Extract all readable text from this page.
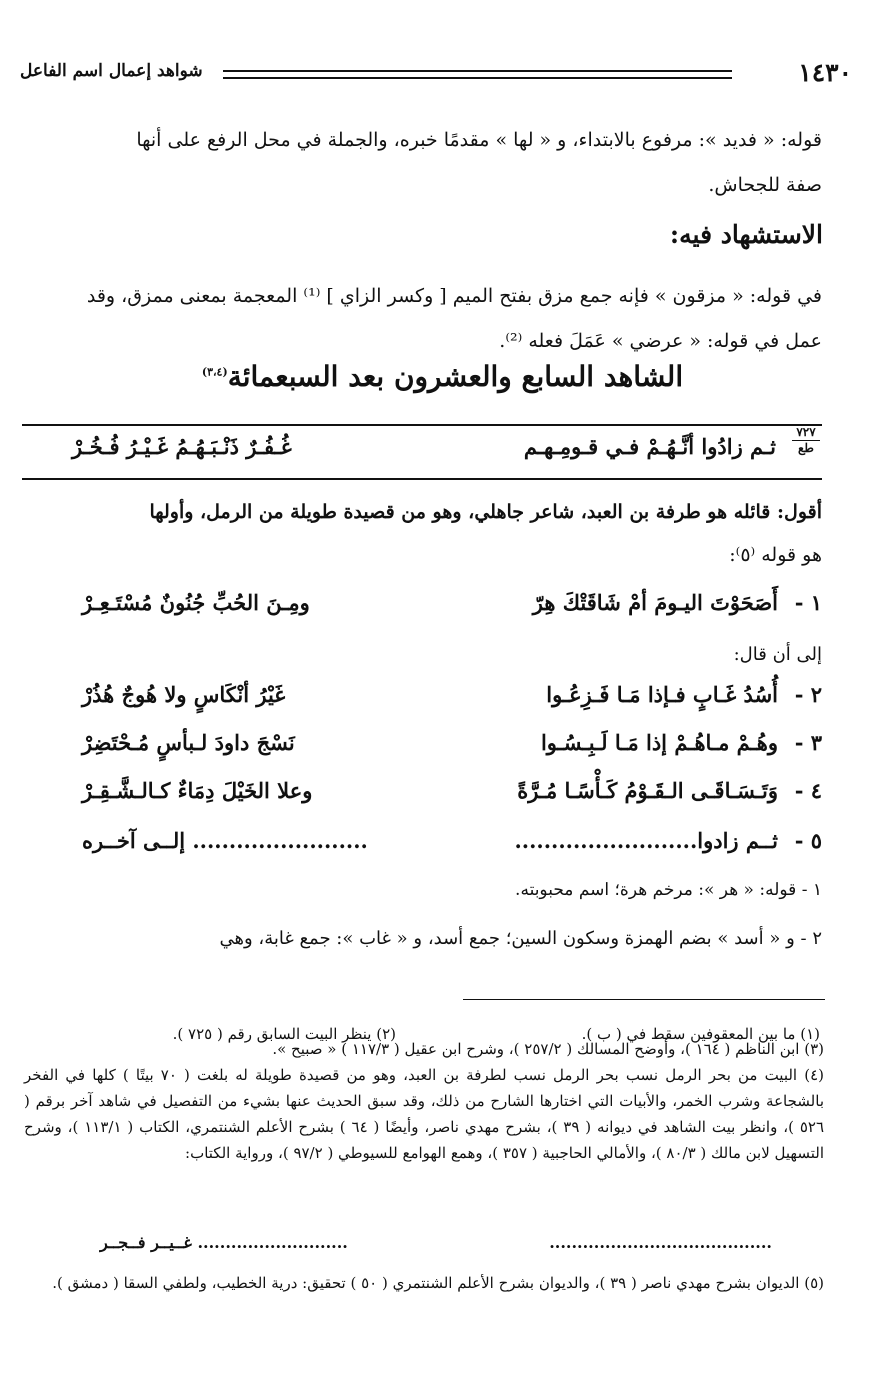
١٤٣٠
شواهد إعمال اسم الفاعل

قوله: « فديد »: مرفوع بالابتداء، و « لها » مقدمًا خبره، والجملة في محل الرفع على أنها

صفة للجحاش.

الاستشهاد فيه:

في قوله: « مزقون » فإنه جمع مزق بفتح الميم [ وكسر الزاي ] ⁽¹⁾ المعجمة بمعنى ممزق، وقد

عمل في قوله: « عرضي » عَمَلَ فعله ⁽²⁾.

الشاهد السابع والعشرون بعد السبعمائة$^{(٣،٤)}$
٧٢٧
ط‍ع
ثـم زادُوا أنَّـهُـمْ فـي قـومِـهـم
غُـفُـرٌ ذَنْـبَـهُـمُ غَـيْـرُ فُـخُـرْ

أقول: قائله هو طرفة بن العبد، شاعر جاهلي، وهو من قصيدة طويلة من الرمل، وأولها

هو قوله ⁽٥⁾:

١ -
أَصَحَوْتَ اليـومَ أمْ شَاقَتْكَ هِرّ
ومِـنَ الحُبِّ جُنُونٌ مُسْتَـعِـرْ

إلى أن قال:

٢ -
أُسُدُ غَـابٍ فـإذا مَـا فَـزِعُـوا
غَيْرُ أنْكَاسٍ ولا هُوجٌ هُذُرْ
٣ -
وهُـمْ مـاهُـمْ إذا مَـا لَـبِـسُـوا
نَسْجَ داودَ لـبأسٍ مُـحْتَضِرْ
٤ -
وَتَـسَـاقَـى الـقَـوْمُ كَـأْسًـا مُـرَّةً
وعلا الخَيْلَ دِمَاءٌ كـالـشَّـقِـرْ
٥ -
ثــم زادوا.........................
........................ إلــى آخــره

١ - قوله: « هر »: مرخم هرة؛ اسم محبوبته.

٢ - و « أسد » بضم الهمزة وسكون السين؛ جمع أسد، و « غاب »: جمع غابة، وهي

(١) ما بين المعقوفين سقط في ( ب ).
(٢) ينظر البيت السابق رقم ( ٧٢٥ ).

(٣) ابن الناظم ( ١٦٤ )، وأوضح المسالك ( ٢٥٧/٢ )، وشرح ابن عقيل ( ١١٧/٣ ) « صبيح ».

(٤) البيت من بحر الرمل نسب بحر الرمل نسب لطرفة بن العبد، وهو من قصيدة طويلة له بلغت ( ٧٠ بيتًا ) كلها في الفخر بالشجاعة وشرب الخمر، والأبيات التي اختارها الشارح من ذلك، وقد سبق الحديث عنها بشيء من التفصيل في شاهد آخر برقم ( ٥٢٦ )، وانظر بيت الشاهد في ديوانه ( ٣٩ )، بشرح مهدي ناصر، وأيضًا ( ٦٤ ) بشرح الأعلم الشنتمري، الكتاب ( ١١٣/١ )، وشرح التسهيل لابن مالك ( ٨٠/٣ )، والأمالي الحاجبية ( ٣٥٧ )، وهمع الهوامع للسيوطي ( ٩٧/٢ )، ورواية الكتاب:

........................................
........................... غــيــر فــجــر

(٥) الديوان بشرح مهدي ناصر ( ٣٩ )، والديوان بشرح الأعلم الشنتمري ( ٥٠ ) تحقيق: درية الخطيب، ولطفي السقا ( دمشق ).
